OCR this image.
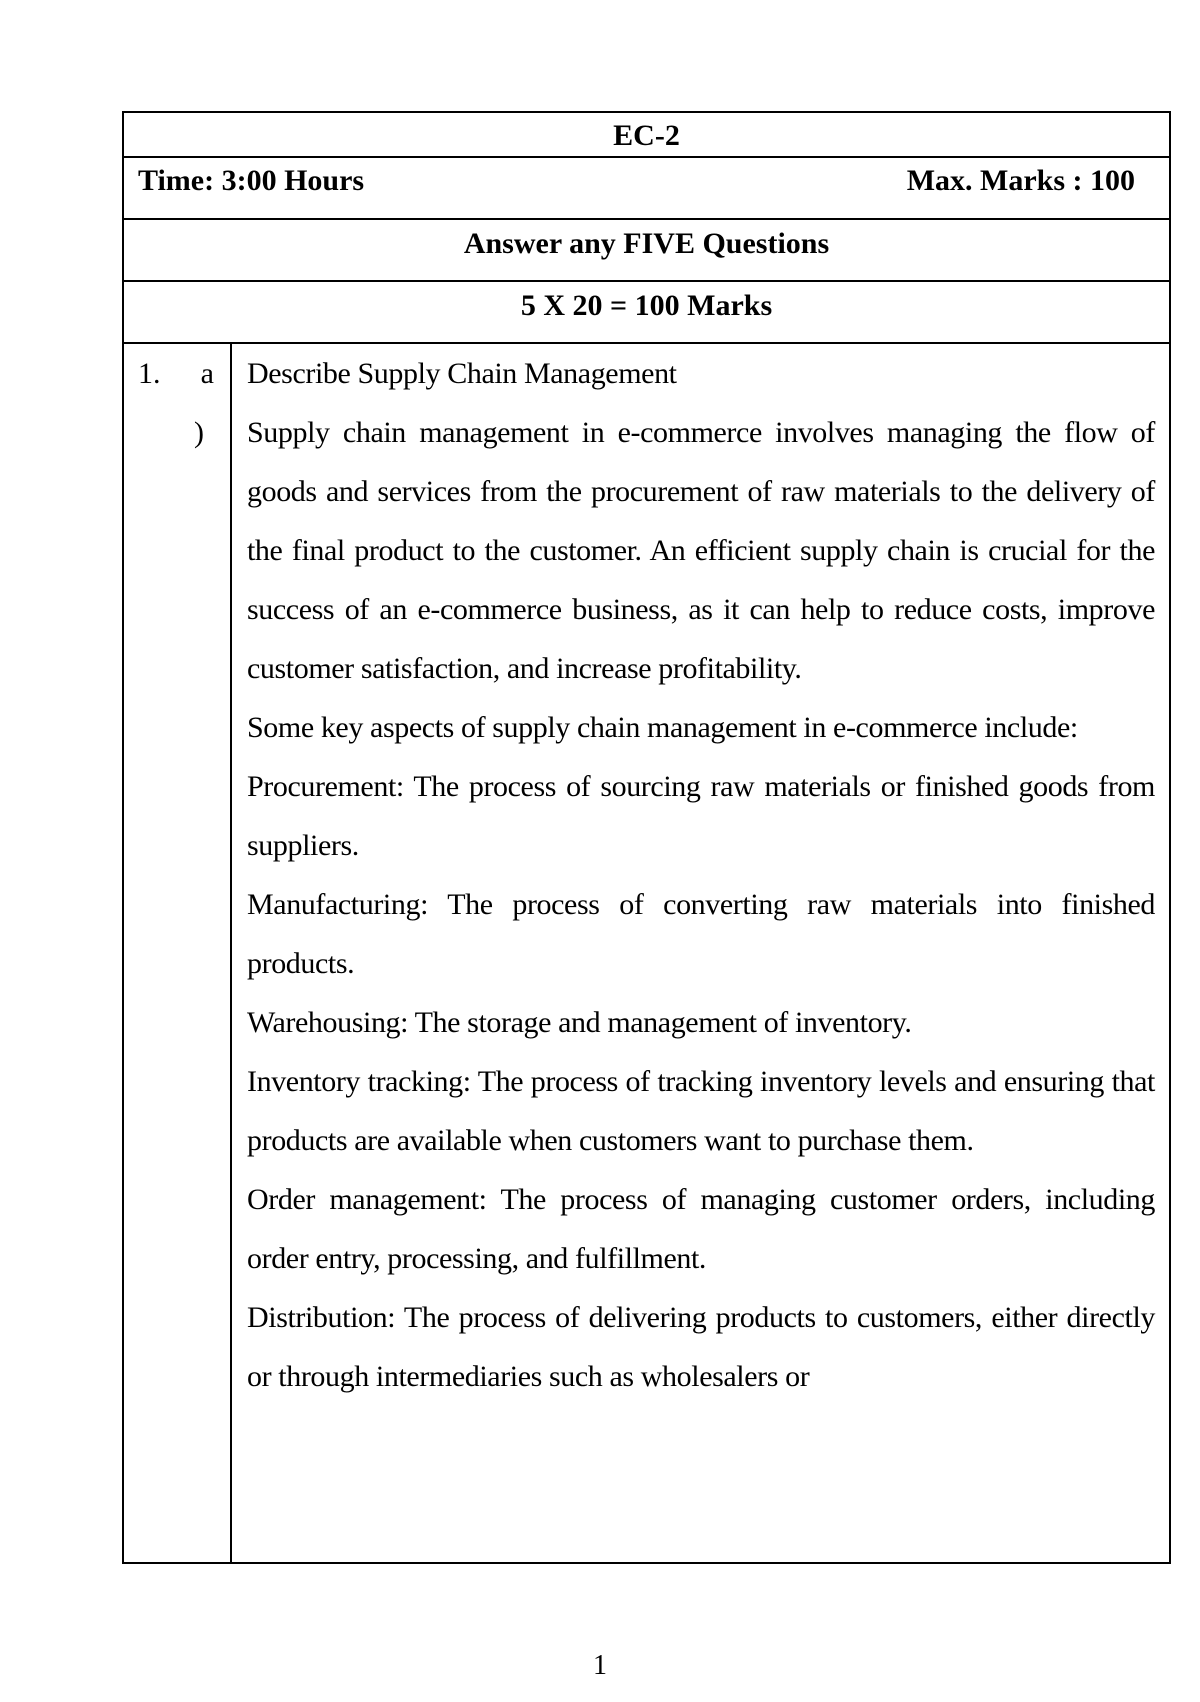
EC-2
Time: 3:00 Hours	Max. Marks : 100
Answer any FIVE Questions
5 X 20 = 100 Marks
1. a
)

Describe Supply Chain Management

Supply chain management in e-commerce involves managing the flow of goods and services from the procurement of raw materials to the delivery of the final product to the customer. An efficient supply chain is crucial for the success of an e-commerce business, as it can help to reduce costs, improve customer satisfaction, and increase profitability.

Some key aspects of supply chain management in e-commerce include:

Procurement: The process of sourcing raw materials or finished goods from suppliers.

Manufacturing: The process of converting raw materials into finished products.

Warehousing: The storage and management of inventory.

Inventory tracking: The process of tracking inventory levels and ensuring that products are available when customers want to purchase them.

Order management: The process of managing customer orders, including order entry, processing, and fulfillment.

Distribution: The process of delivering products to customers, either directly or through intermediaries such as wholesalers or

1
